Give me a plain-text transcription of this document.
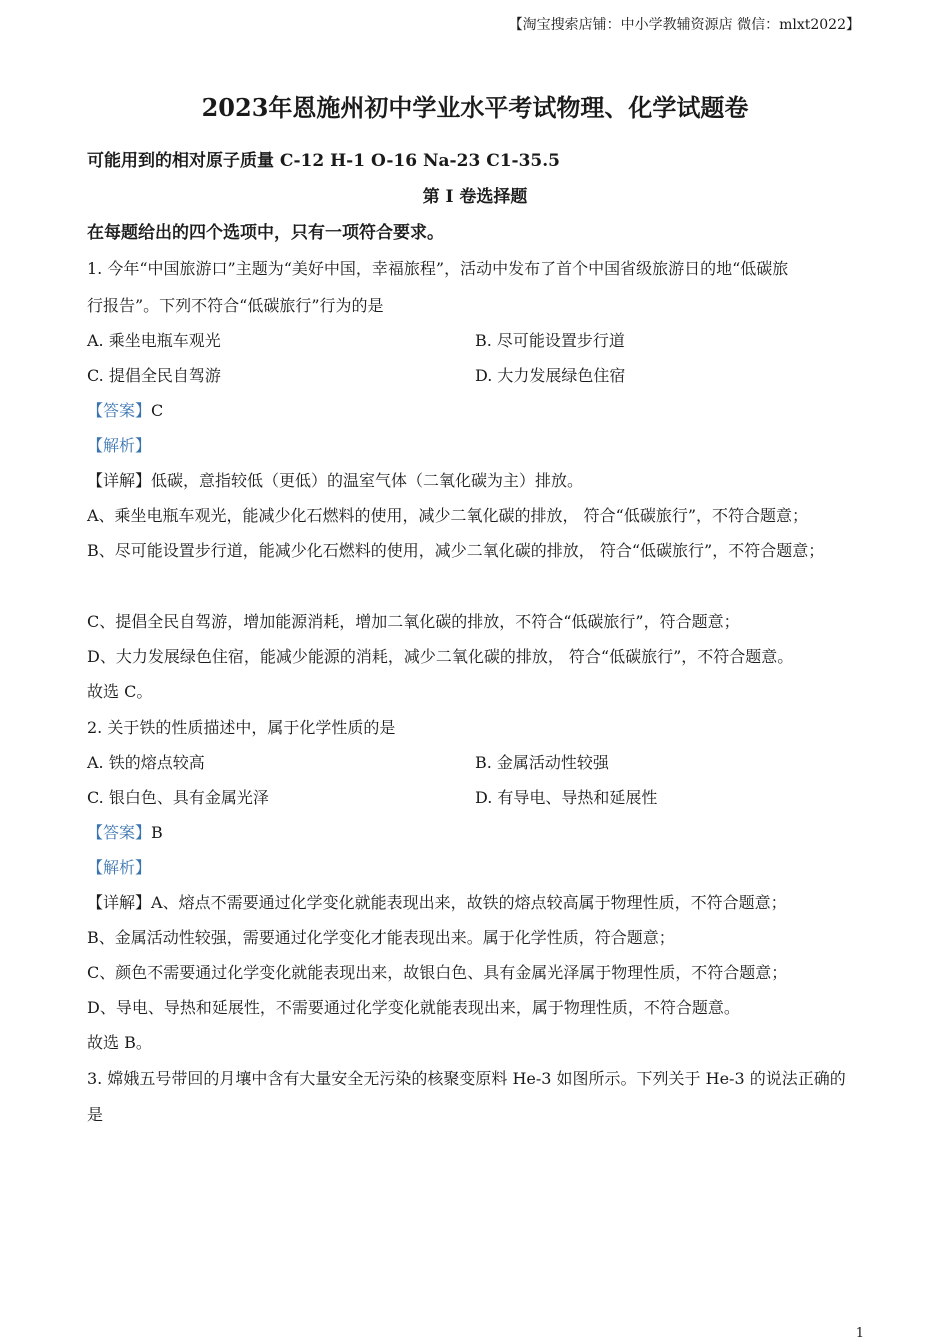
【淘宝搜索店铺：中小学教辅资源店 微信：mlxt2022】
2023年恩施州初中学业水平考试物理、化学试题卷
可能用到的相对原子质量 C-12 H-1 O-16 Na-23 C1-35.5
第 I 卷选择题
在每题给出的四个选项中，只有一项符合要求。
1. 今年“中国旅游口”主题为“美好中国，幸福旅程”，活动中发布了首个中国省级旅游日的地“低碳旅
行报告”。下列不符合“低碳旅行”行为的是
A. 乘坐电瓶车观光	B. 尽可能设置步行道
C. 提倡全民自驾游	D. 大力发展绿色住宿
【答案】C
【解析】
【详解】低碳，意指较低（更低）的温室气体（二氧化碳为主）排放。
A、乘坐电瓶车观光，能减少化石燃料的使用，减少二氧化碳的排放， 符合“低碳旅行”，不符合题意；
B、尽可能设置步行道，能减少化石燃料的使用，减少二氧化碳的排放， 符合“低碳旅行”，不符合题意；
C、提倡全民自驾游，增加能源消耗，增加二氧化碳的排放，不符合“低碳旅行”，符合题意；
D、大力发展绿色住宿，能减少能源的消耗，减少二氧化碳的排放， 符合“低碳旅行”，不符合题意。
故选 C。
2. 关于铁的性质描述中，属于化学性质的是
A. 铁的熔点较高	B. 金属活动性较强
C. 银白色、具有金属光泽	D. 有导电、导热和延展性
【答案】B
【解析】
【详解】A、熔点不需要通过化学变化就能表现出来，故铁的熔点较高属于物理性质，不符合题意；
B、金属活动性较强，需要通过化学变化才能表现出来。属于化学性质，符合题意；
C、颜色不需要通过化学变化就能表现出来，故银白色、具有金属光泽属于物理性质，不符合题意；
D、导电、导热和延展性，不需要通过化学变化就能表现出来，属于物理性质，不符合题意。
故选 B。
3. 嫦娥五号带回的月壤中含有大量安全无污染的核聚变原料 He-3 如图所示。下列关于 He-3 的说法正确的
是
1
